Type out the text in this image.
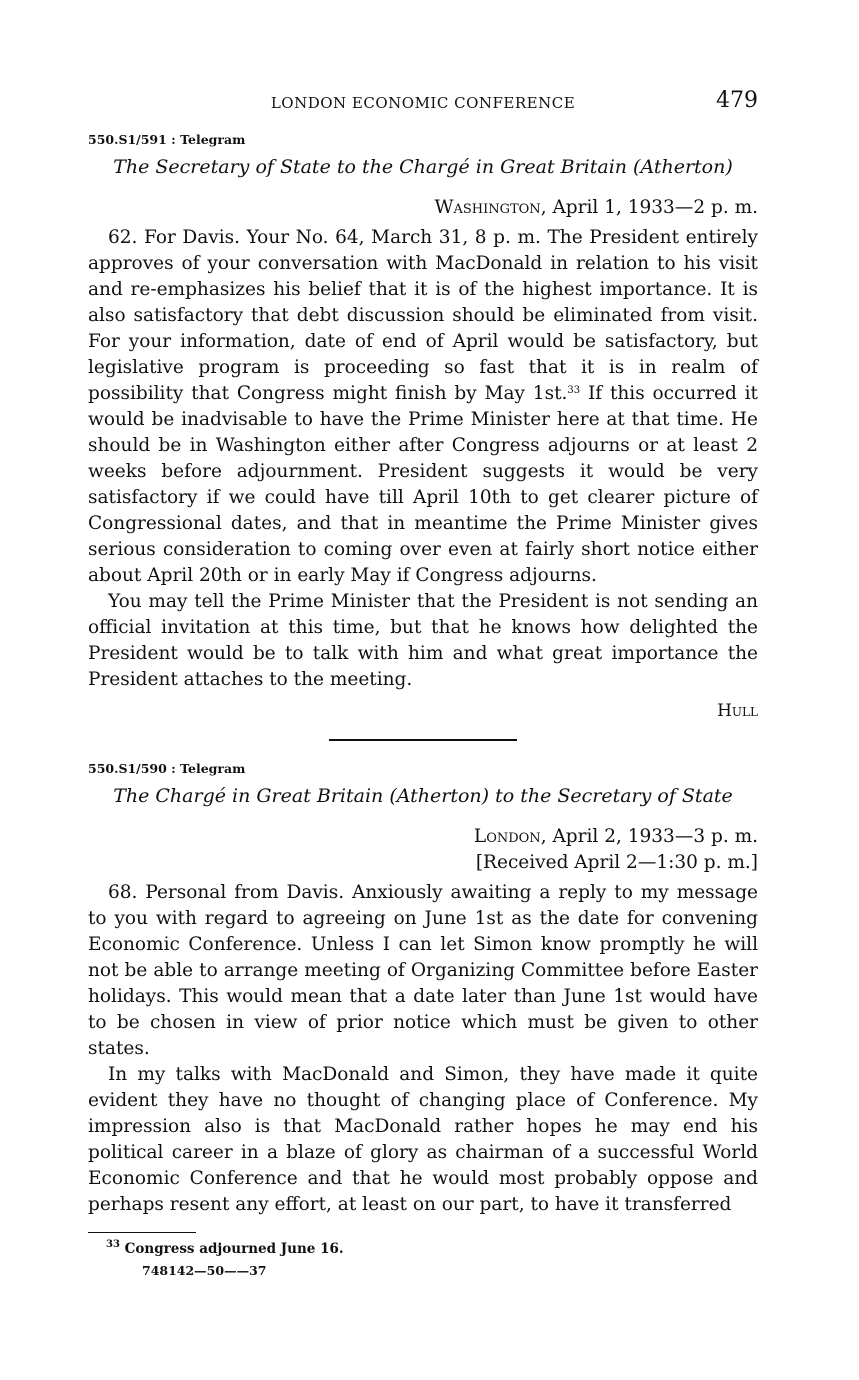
LONDON ECONOMIC CONFERENCE	479
550.S1/591 : Telegram
The Secretary of State to the Chargé in Great Britain (Atherton)
Washington, April 1, 1933—2 p. m.

62. For Davis. Your No. 64, March 31, 8 p. m. The President entirely approves of your conversation with MacDonald in relation to his visit and re-emphasizes his belief that it is of the highest importance. It is also satisfactory that debt discussion should be eliminated from visit. For your information, date of end of April would be satisfactory, but legislative program is proceeding so fast that it is in realm of possibility that Congress might finish by May 1st.$^{33}$ If this occurred it would be inadvisable to have the Prime Minister here at that time. He should be in Washington either after Congress adjourns or at least 2 weeks before adjournment. President suggests it would be very satisfactory if we could have till April 10th to get clearer picture of Congressional dates, and that in meantime the Prime Minister gives serious consideration to coming over even at fairly short notice either about April 20th or in early May if Congress adjourns.

You may tell the Prime Minister that the President is not sending an official invitation at this time, but that he knows how delighted the President would be to talk with him and what great importance the President attaches to the meeting.

Hull
550.S1/590 : Telegram
The Chargé in Great Britain (Atherton) to the Secretary of State
London, April 2, 1933—3 p. m.
[Received April 2—1:30 p. m.]

68. Personal from Davis. Anxiously awaiting a reply to my message to you with regard to agreeing on June 1st as the date for convening Economic Conference. Unless I can let Simon know promptly he will not be able to arrange meeting of Organizing Committee before Easter holidays. This would mean that a date later than June 1st would have to be chosen in view of prior notice which must be given to other states.

In my talks with MacDonald and Simon, they have made it quite evident they have no thought of changing place of Conference. My impression also is that MacDonald rather hopes he may end his political career in a blaze of glory as chairman of a successful World Economic Conference and that he would most probably oppose and perhaps resent any effort, at least on our part, to have it transferred

$^{33}$ Congress adjourned June 16.
748142—50——37
